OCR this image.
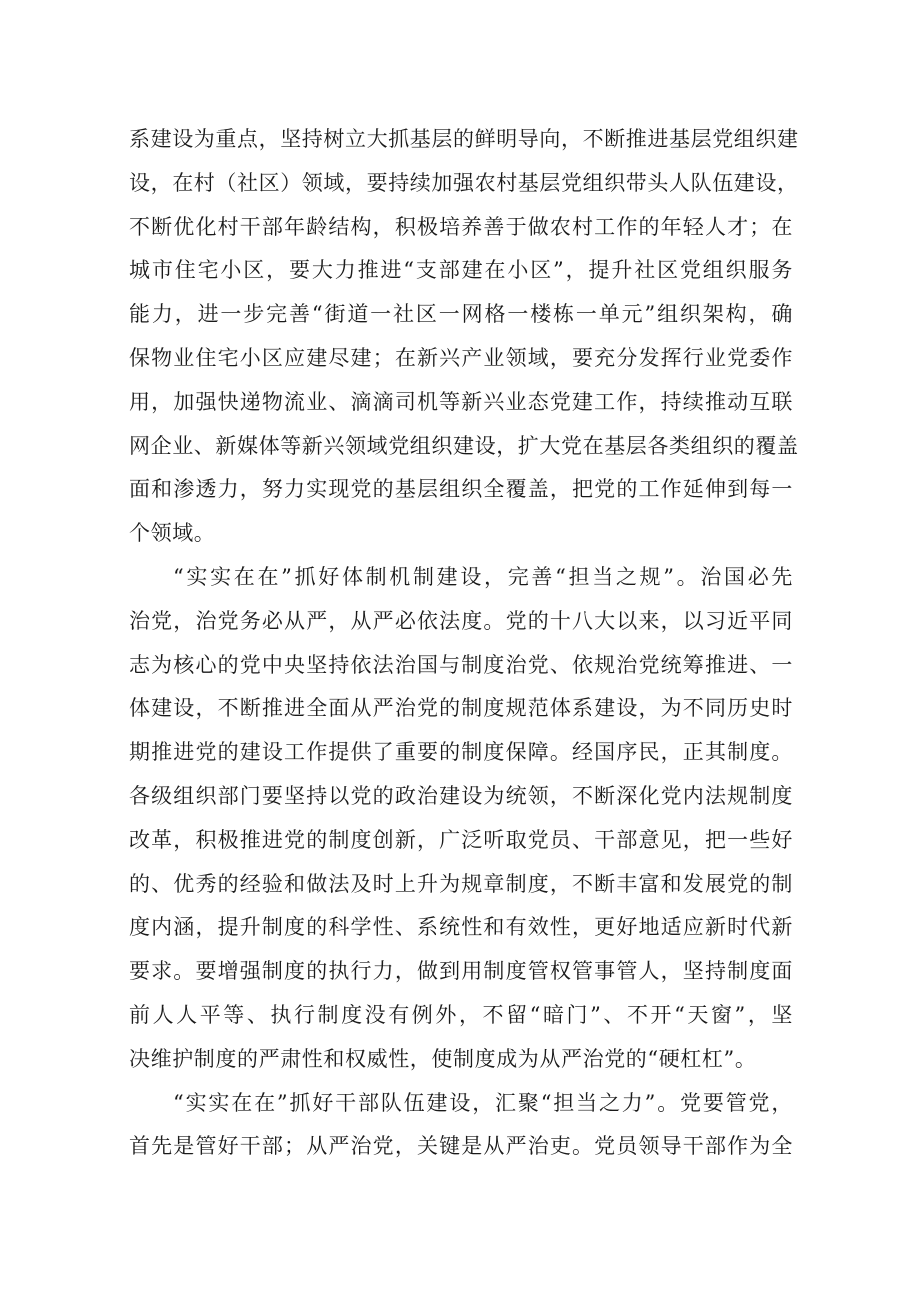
系建设为重点，坚持树立大抓基层的鲜明导向，不断推进基层党组织建
设，在村（社区）领域，要持续加强农村基层党组织带头人队伍建设，
不断优化村干部年龄结构，积极培养善于做农村工作的年轻人才；在
城市住宅小区，要大力推进“支部建在小区”，提升社区党组织服务
能力，进一步完善“街道一社区一网格一楼栋一单元”组织架构，确
保物业住宅小区应建尽建；在新兴产业领域，要充分发挥行业党委作
用，加强快递物流业、滴滴司机等新兴业态党建工作，持续推动互联
网企业、新媒体等新兴领域党组织建设，扩大党在基层各类组织的覆盖
面和渗透力，努力实现党的基层组织全覆盖，把党的工作延伸到每一
个领域。
“实实在在”抓好体制机制建设，完善“担当之规”。治国必先
治党，治党务必从严，从严必依法度。党的十八大以来，以习近平同
志为核心的党中央坚持依法治国与制度治党、依规治党统筹推进、一
体建设，不断推进全面从严治党的制度规范体系建设，为不同历史时
期推进党的建设工作提供了重要的制度保障。经国序民，正其制度。
各级组织部门要坚持以党的政治建设为统领，不断深化党内法规制度
改革，积极推进党的制度创新，广泛听取党员、干部意见，把一些好
的、优秀的经验和做法及时上升为规章制度，不断丰富和发展党的制
度内涵，提升制度的科学性、系统性和有效性，更好地适应新时代新
要求。要增强制度的执行力，做到用制度管权管事管人，坚持制度面
前人人平等、执行制度没有例外，不留“暗门”、不开“天窗”，坚
决维护制度的严肃性和权威性，使制度成为从严治党的“硬杠杠”。
“实实在在”抓好干部队伍建设，汇聚“担当之力”。党要管党，
首先是管好干部；从严治党，关键是从严治吏。党员领导干部作为全
